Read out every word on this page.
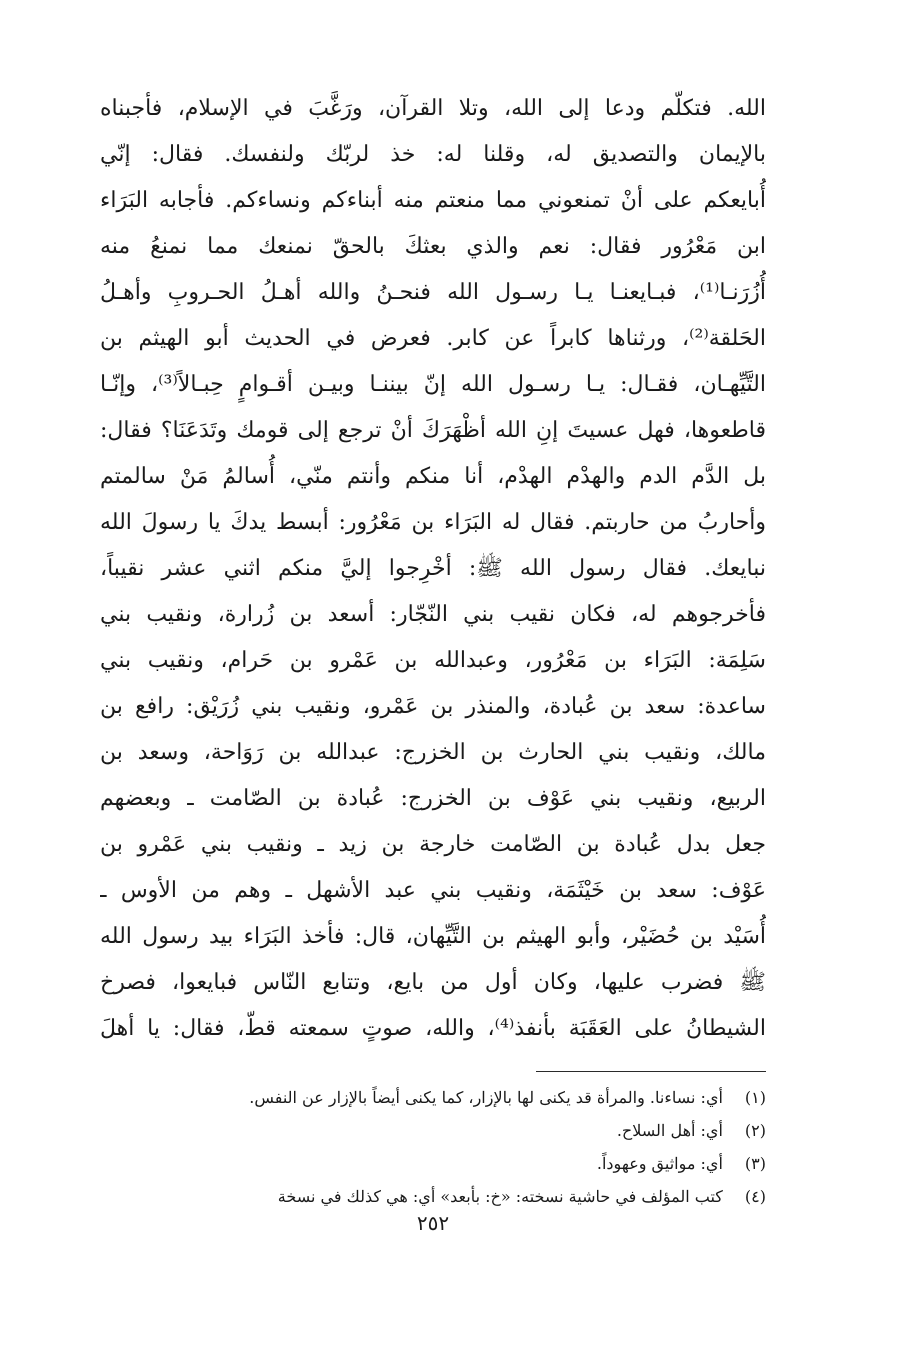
الله. فتكلّم ودعا إلى الله، وتلا القرآن، ورَغَّبَ في الإسلام، فأجبناه
بالإيمان والتصديق له، وقلنا له: خذ لربّك ولنفسك. فقال: إنّي
أُبايعكم على أنْ تمنعوني مما منعتم منه أبناءكم ونساءكم. فأجابه البَرَاء
ابن مَعْرُور فقال: نعم والذي بعثكَ بالحقّ نمنعك مما نمنعُ منه
أُزُرَنـا⁽¹⁾، فبـايعنـا يـا رسـول الله فنحـنُ والله أهـلُ الحـروبِ وأهـلُ
الحَلقة⁽²⁾، ورثناها كابراً عن كابر. فعرض في الحديث أبو الهيثم بن
التَّيِّهـان، فقـال: يـا رسـول الله إنّ بيننـا وبيـن أقـوامٍ حِبـالاً⁽³⁾، وإنّـا
قاطعوها، فهل عسيتَ إنِ الله أظْهَرَكَ أنْ ترجع إلى قومك وتَدَعَنَا؟ فقال:
بل الدَّم الدم والهدْم الهدْم، أنا منكم وأنتم منّي، أُسالمُ مَنْ سالمتم
وأحاربُ من حاربتم. فقال له البَرَاء بن مَعْرُور: أبسط يدكَ يا رسولَ الله
نبايعك. فقال رسول الله ﷺ: أخْرِجوا إليَّ منكم اثني عشر نقيباً،
فأخرجوهم له، فكان نقيب بني النّجّار: أسعد بن زُرارة، ونقيب بني
سَلِمَة: البَرَاء بن مَعْرُور، وعبدالله بن عَمْرو بن حَرام، ونقيب بني
ساعدة: سعد بن عُبادة، والمنذر بن عَمْرو، ونقيب بني زُرَيْق: رافع بن
مالك، ونقيب بني الحارث بن الخزرج: عبدالله بن رَوَاحة، وسعد بن
الربيع، ونقيب بني عَوْف بن الخزرج: عُبادة بن الصّامت ـ وبعضهم
جعل بدل عُبادة بن الصّامت خارجة بن زيد ـ ونقيب بني عَمْرو بن
عَوْف: سعد بن خَيْثَمَة، ونقيب بني عبد الأشهل ـ وهم من الأوس ـ
أُسَيْد بن حُضَيْر، وأبو الهيثم بن التَّيِّهان، قال: فأخذ البَرَاء بيد رسول الله
ﷺ فضرب عليها، وكان أول من بايع، وتتابع النّاس فبايعوا، فصرخ
الشيطانُ على العَقَبَة بأنفذ⁽⁴⁾، والله، صوتٍ سمعته قطّ، فقال: يا أهلَ
(١) أي: نساءنا. والمرأة قد يكنى لها بالإزار، كما يكنى أيضاً بالإزار عن النفس.
(٢) أي: أهل السلاح.
(٣) أي: مواثيق وعهوداً.
(٤) كتب المؤلف في حاشية نسخته: «خ: بأبعد» أي: هي كذلك في نسخة
٢٥٢
